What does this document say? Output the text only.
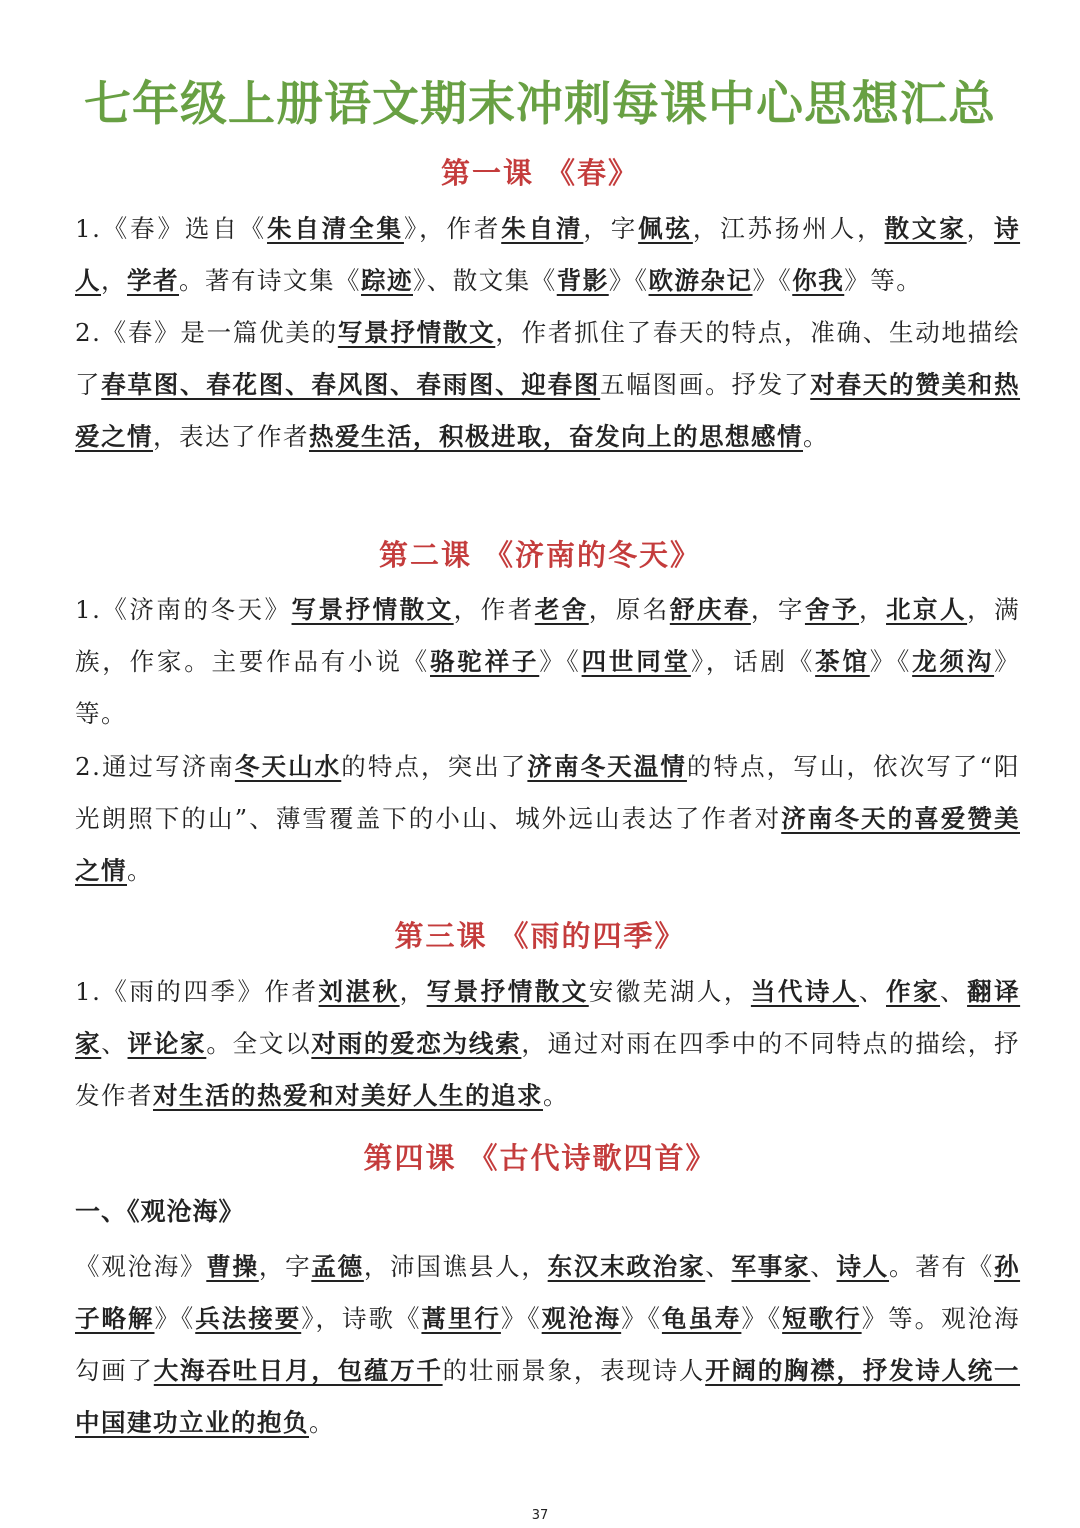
七年级上册语文期末冲刺每课中心思想汇总
第一课 《春》

1.《春》选自《朱自清全集》，作者朱自清，字佩弦，江苏扬州人，散文家，诗人，学者。著有诗文集《踪迹》、散文集《背影》《欧游杂记》《你我》等。

2.《春》是一篇优美的写景抒情散文，作者抓住了春天的特点，准确、生动地描绘了春草图、春花图、春风图、春雨图、迎春图五幅图画。抒发了对春天的赞美和热爱之情，表达了作者热爱生活，积极进取，奋发向上的思想感情。

第二课 《济南的冬天》

1.《济南的冬天》写景抒情散文，作者老舍，原名舒庆春，字舍予，北京人，满族，作家。主要作品有小说《骆驼祥子》《四世同堂》，话剧《茶馆》《龙须沟》等。

2.通过写济南冬天山水的特点，突出了济南冬天温情的特点，写山，依次写了“阳光朗照下的山”、薄雪覆盖下的小山、城外远山表达了作者对济南冬天的喜爱赞美之情。

第三课 《雨的四季》

1.《雨的四季》作者刘湛秋，写景抒情散文安徽芜湖人，当代诗人、作家、翻译家、评论家。全文以对雨的爱恋为线索，通过对雨在四季中的不同特点的描绘，抒发作者对生活的热爱和对美好人生的追求。

第四课 《古代诗歌四首》
一、《观沧海》

《观沧海》曹操，字孟德，沛国谯县人，东汉末政治家、军事家、诗人。著有《孙子略解》《兵法接要》，诗歌《蒿里行》《观沧海》《龟虽寿》《短歌行》等。观沧海勾画了大海吞吐日月，包蕴万千的壮丽景象，表现诗人开阔的胸襟，抒发诗人统一中国建功立业的抱负。

37
